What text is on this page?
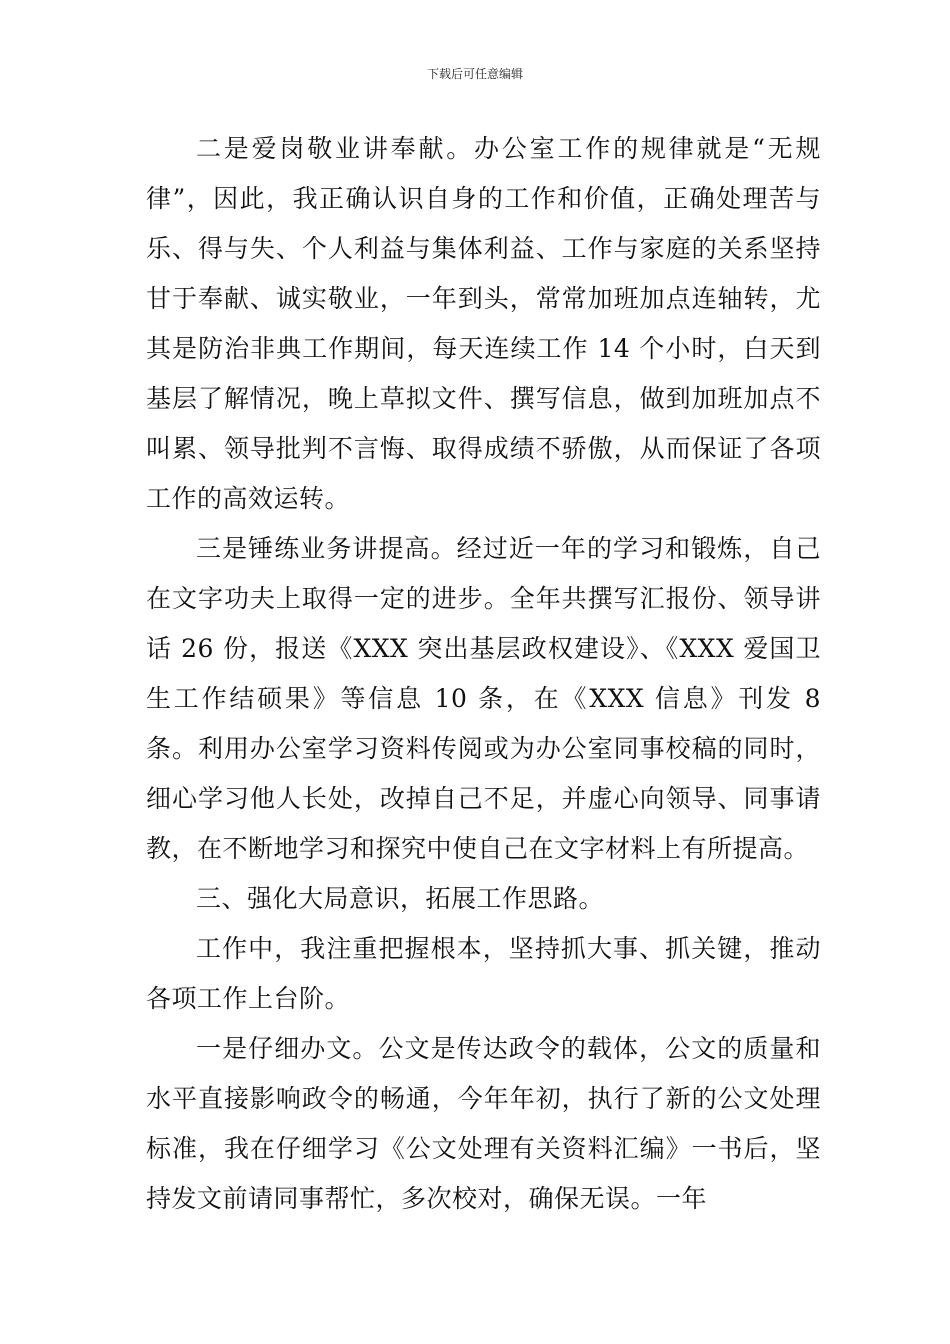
下载后可任意编辑

二是爱岗敬业讲奉献。办公室工作的规律就是“无规律”，因此，我正确认识自身的工作和价值，正确处理苦与乐、得与失、个人利益与集体利益、工作与家庭的关系坚持甘于奉献、诚实敬业，一年到头，常常加班加点连轴转，尤其是防治非典工作期间，每天连续工作 14 个小时，白天到基层了解情况，晚上草拟文件、撰写信息，做到加班加点不叫累、领导批判不言悔、取得成绩不骄傲，从而保证了各项工作的高效运转。

三是锤练业务讲提高。经过近一年的学习和锻炼，自己在文字功夫上取得一定的进步。全年共撰写汇报份、领导讲话 26 份，报送《XXX 突出基层政权建设》、《XXX 爱国卫生工作结硕果》等信息 10 条，在《XXX 信息》刊发 8 条。利用办公室学习资料传阅或为办公室同事校稿的同时，细心学习他人长处，改掉自己不足，并虚心向领导、同事请教，在不断地学习和探究中使自己在文字材料上有所提高。

三、强化大局意识，拓展工作思路。

工作中，我注重把握根本，坚持抓大事、抓关键，推动各项工作上台阶。

一是仔细办文。公文是传达政令的载体，公文的质量和水平直接影响政令的畅通，今年年初，执行了新的公文处理标准，我在仔细学习《公文处理有关资料汇编》一书后，坚持发文前请同事帮忙，多次校对，确保无误。一年
